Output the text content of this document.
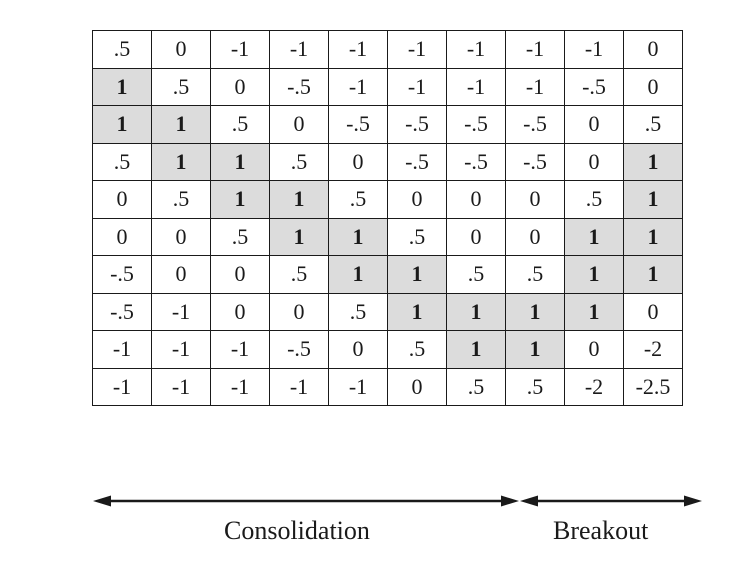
.5	0	-1	-1	-1	-1	-1	-1	-1	0
1	.5	0	-.5	-1	-1	-1	-1	-.5	0
1	1	.5	0	-.5	-.5	-.5	-.5	0	.5
.5	1	1	.5	0	-.5	-.5	-.5	0	1
0	.5	1	1	.5	0	0	0	.5	1
0	0	.5	1	1	.5	0	0	1	1
-.5	0	0	.5	1	1	.5	.5	1	1
-.5	-1	0	0	.5	1	1	1	1	0
-1	-1	-1	-.5	0	.5	1	1	0	-2
-1	-1	-1	-1	-1	0	.5	.5	-2	-2.5
Consolidation	Breakout
